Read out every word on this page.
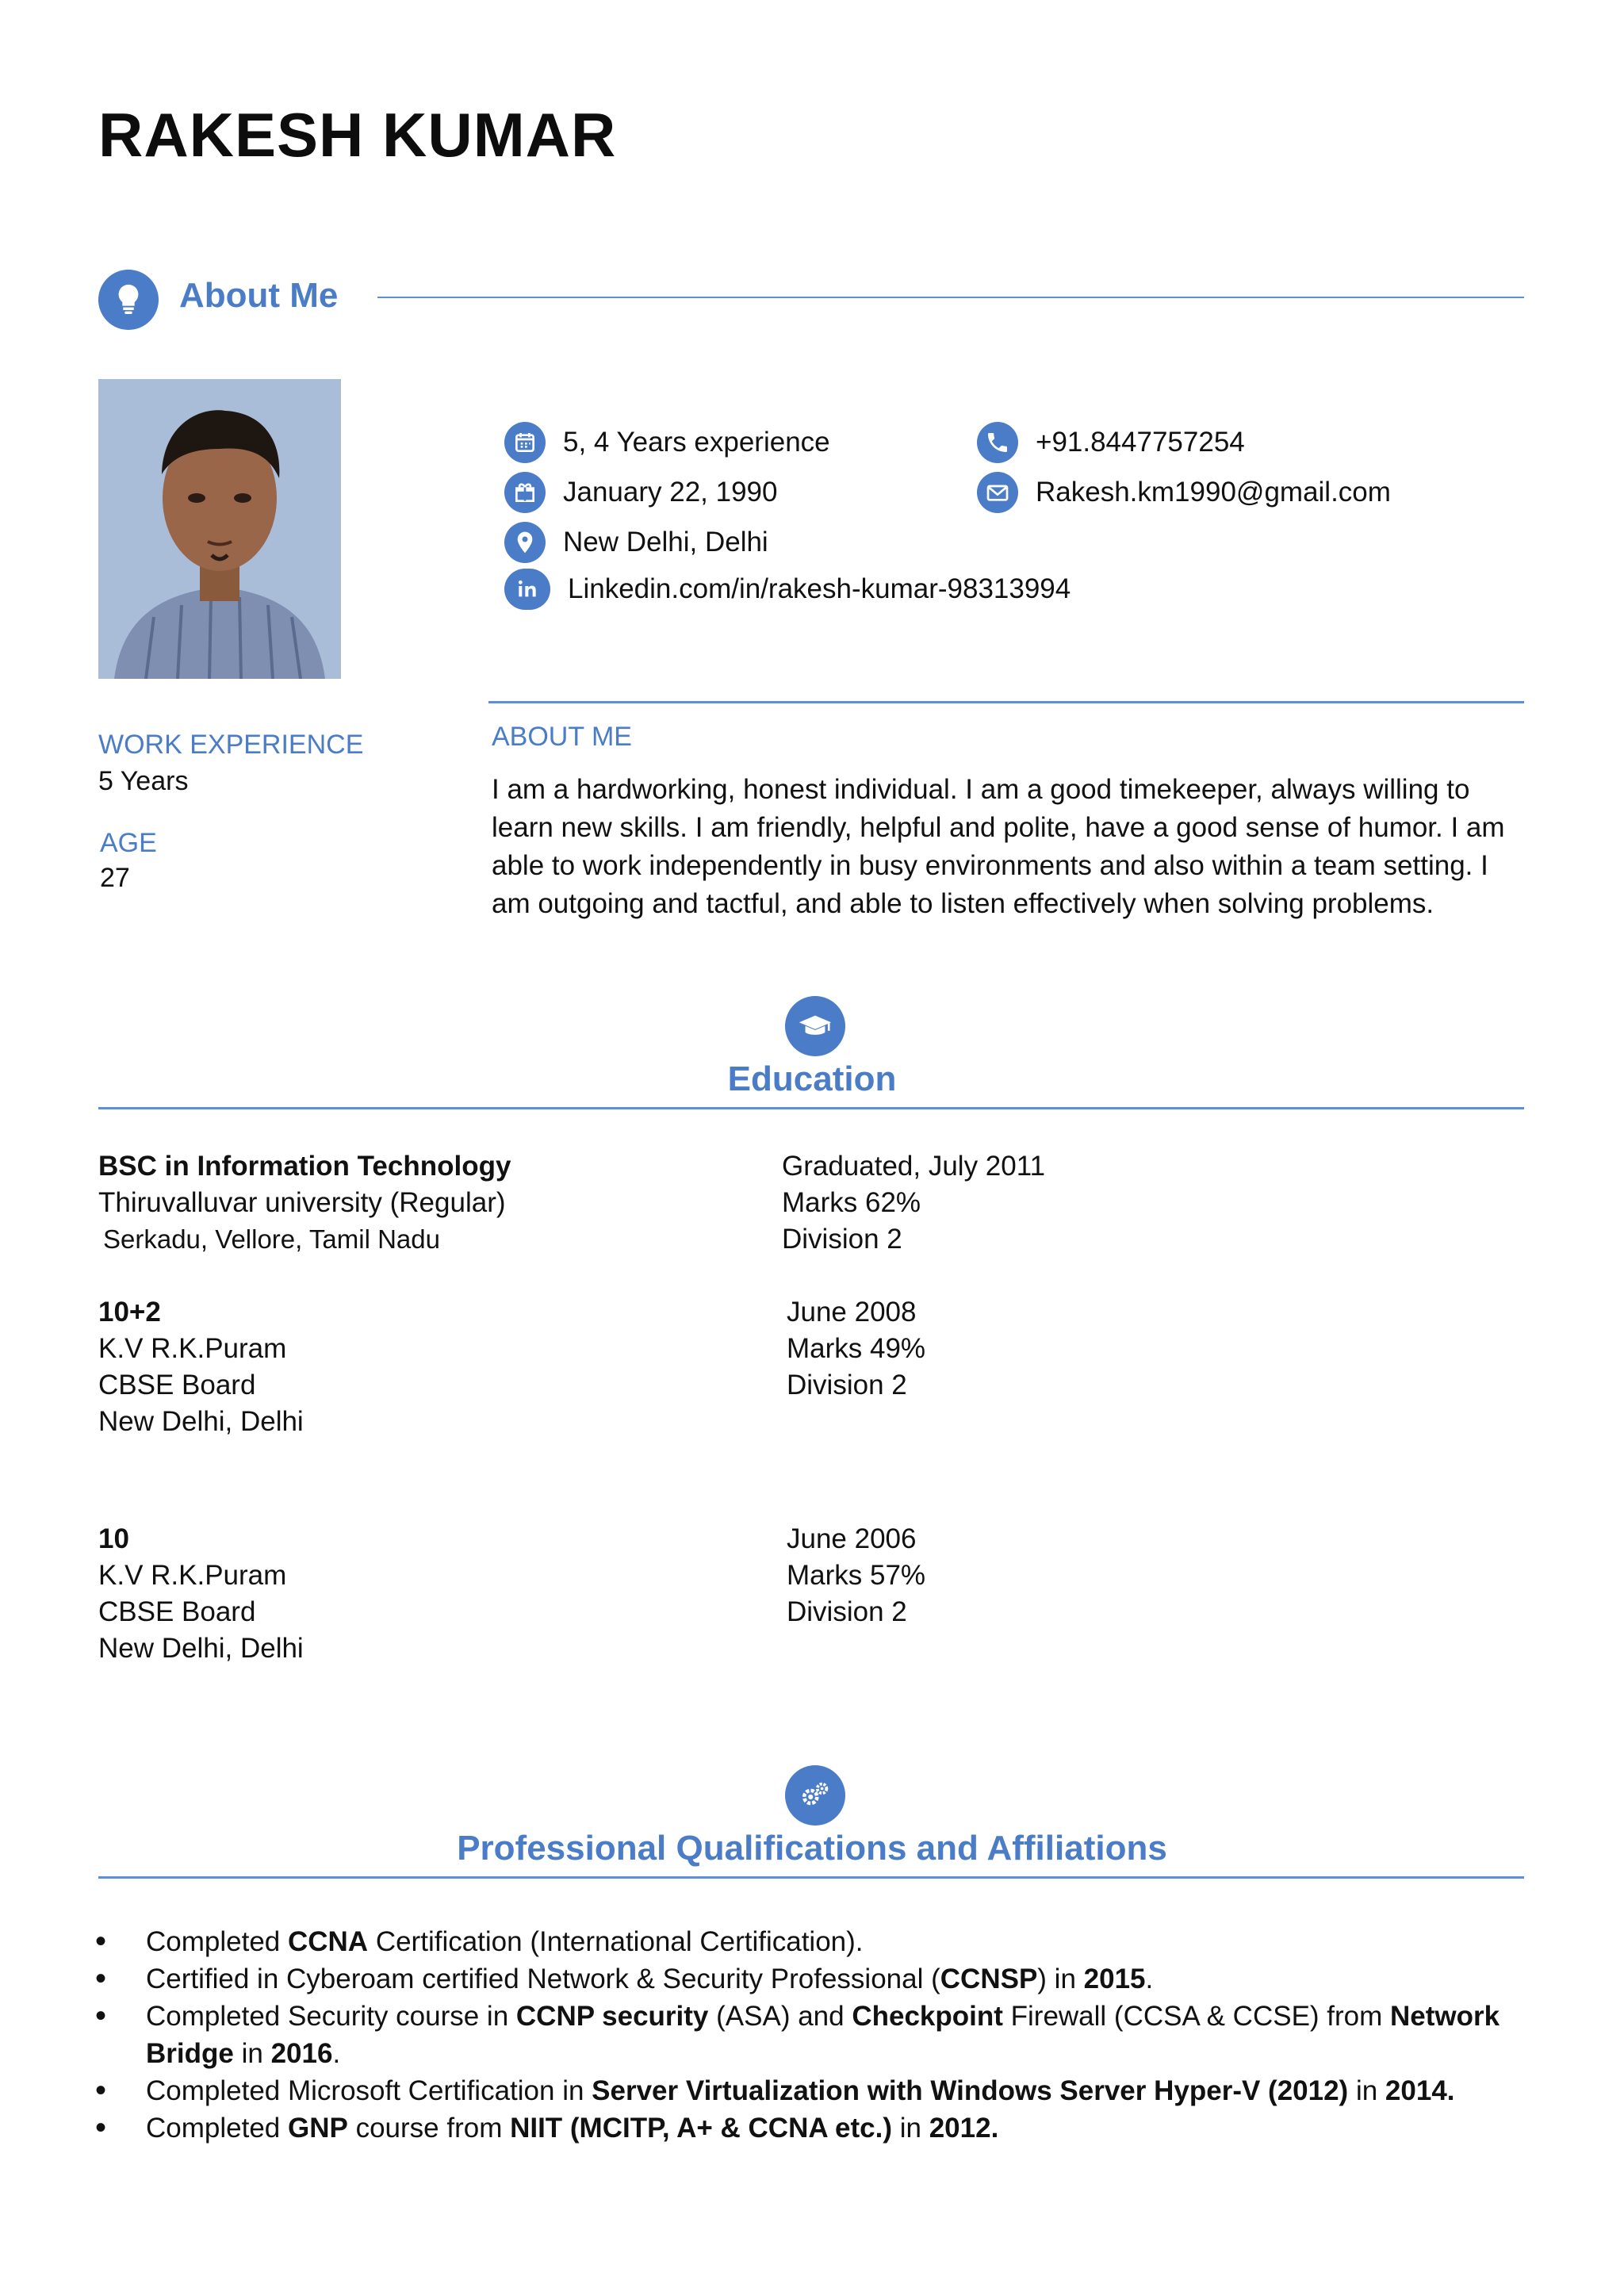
RAKESH KUMAR
About Me
5, 4 Years experience
January 22, 1990
New Delhi, Delhi
Linkedin.com/in/rakesh-kumar-98313994
+91.8447757254
Rakesh.km1990@gmail.com
WORK EXPERIENCE
5 Years
AGE
27
ABOUT ME
I am a hardworking, honest individual. I am a good timekeeper, always willing to learn new skills. I am friendly, helpful and polite, have a good sense of humor. I am able to work independently in busy environments and also within a team setting. I am outgoing and tactful, and able to listen effectively when solving problems.
Education
BSC in Information Technology
Thiruvalluvar university (Regular)
Serkadu, Vellore, Tamil Nadu
Graduated, July 2011
Marks 62%
Division 2
10+2
K.V R.K.Puram
CBSE Board
New Delhi, Delhi
June 2008
Marks 49%
Division 2
10
K.V R.K.Puram
CBSE Board
New Delhi, Delhi
June 2006
Marks 57%
Division 2
Professional Qualifications and Affiliations
• Completed CCNA Certification (International Certification).
• Certified in Cyberoam certified Network & Security Professional (CCNSP) in 2015.
• Completed Security course in CCNP security (ASA) and Checkpoint Firewall (CCSA & CCSE) from Network Bridge in 2016.
• Completed Microsoft Certification in Server Virtualization with Windows Server Hyper-V (2012) in 2014.
• Completed GNP course from NIIT (MCITP, A+ & CCNA etc.) in 2012.
